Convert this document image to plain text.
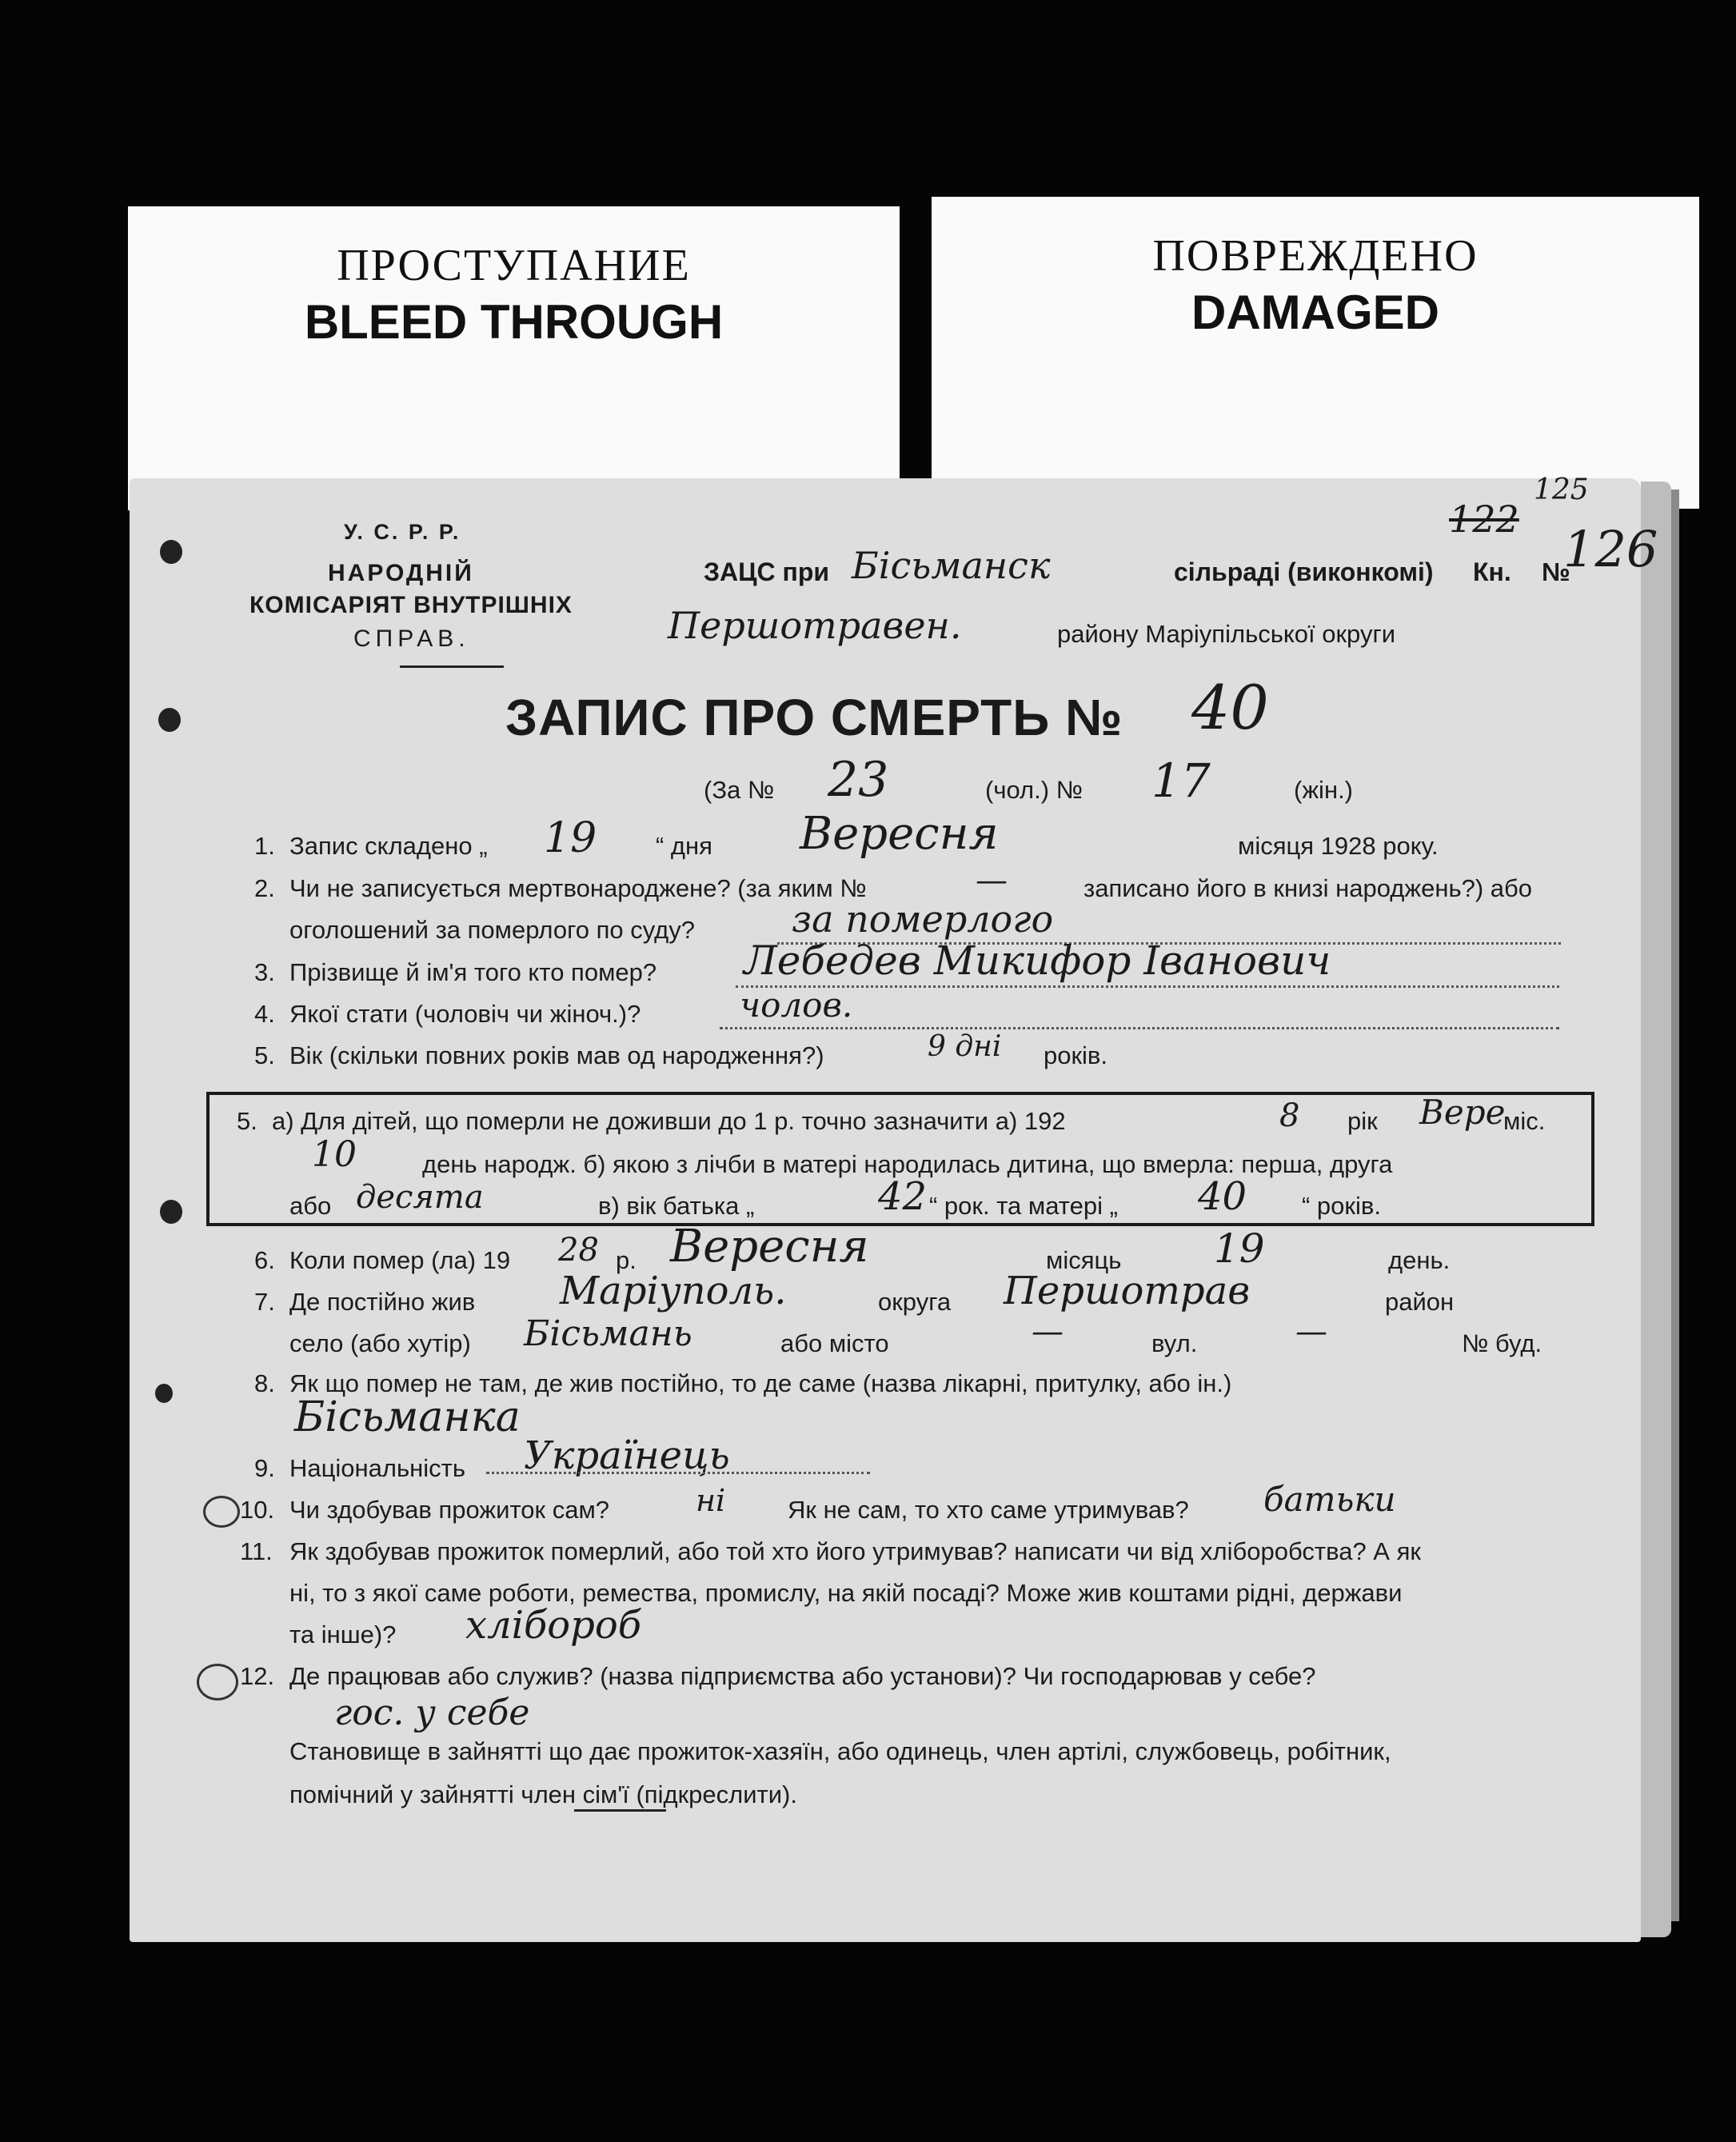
ПРОСТУПАНИЕ
BLEED THROUGH
ПОВРЕЖДЕНО
DAMAGED
У. С. Р. Р.
НАРОДНІЙ
КОМІСАРІЯТ ВНУТРІШНІХ
СПРАВ.
ЗАЦС при Бісьманск	сільраді (виконкомі) Кн. №
125
122
126
Першотравен.	району Маріупільської округи
ЗАПИС ПРО СМЕРТЬ № 40
(За № 23	(чол.) № 17	(жін.)
1. Запис складено „ 19 “ дня Вересня	місяця 1928 року.
2. Чи не записується мертвонароджене? (за яким №	—	записано його в книзі народжень?) або
оголошений за померлого по суду?	за померлого
3. Прізвище й ім'я того кто помер? Лебедев Микифор Іванович
4. Якої стати (чоловіч чи жіноч.)?	чолов.
5. Вік (скільки повних років мав од народження?)	9 дні років.
5. а) Для дітей, що померли не доживши до 1 р. точно зазначити а) 192	8 рік Вере
міс.
10	день народж. б) якою з лічби в матері народилась дитина, що вмерла: перша, друга
або десята	в) вік батька „	42 “ рок. та матері „ 40 “ років.
6. Коли помер (ла) 19 28 р. Вересня	місяць 19	день.
7. Де постійно жив Маріуполь.	округа Першотрав	район
село (або хутір) Бісьмань	або місто	—	вул.	—	№ буд.
8. Як що помер не там, де жив постійно, то де саме (назва лікарні, притулку, або ін.)
Бісьманка
9. Національність Українець
10. Чи здобував прожиток сам?	ні	Як не сам, то хто саме утримував? батьки
11. Як здобував прожиток померлий, або той хто його утримував? написати чи від хліборобства? А як
ні, то з якої саме роботи, ремества, промислу, на якій посаді? Може жив коштами рідні, держави
та інше)? хлібороб
12. Де працював або служив? (назва підприємства або установи)? Чи господарював у себе?
гос. у себе
Становище в зайнятті що дає прожиток-хазяїн, або одинець, член артілі, службовець, робітник,
помічний у зайнятті член сім'ї (підкреслити).
